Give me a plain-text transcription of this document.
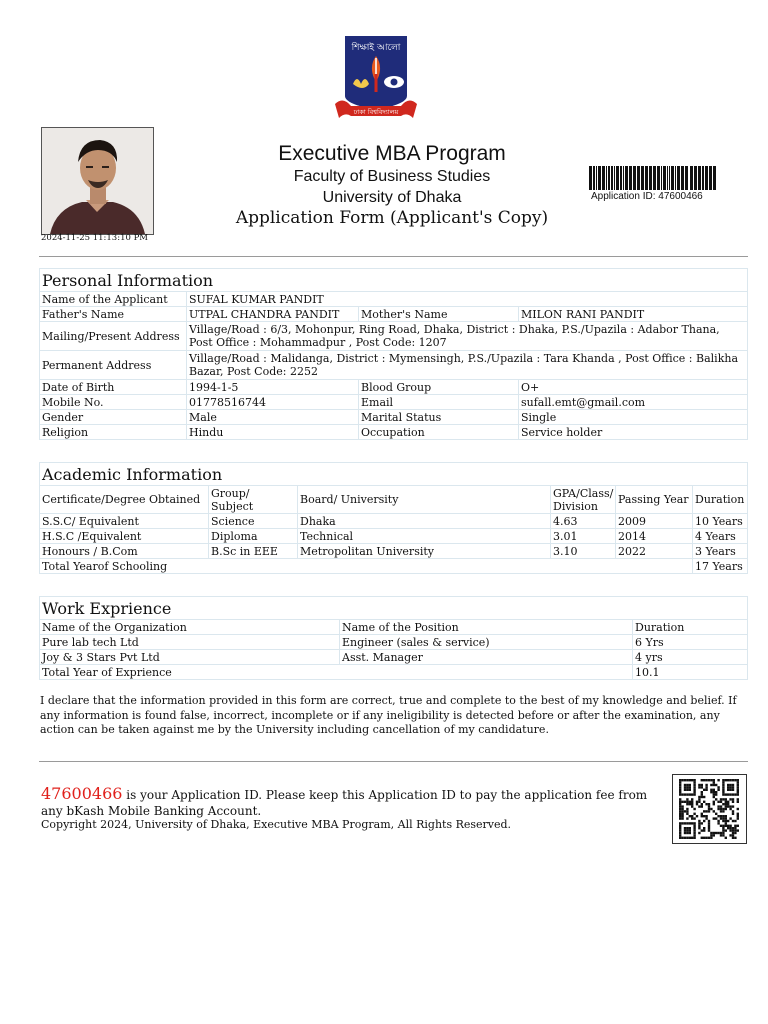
শিক্ষাই আলো
ঢাকা বিশ্ববিদ্যালয়
2024-11-25 11:13:10 PM
Executive MBA Program
Faculty of Business Studies
University of Dhaka
Application Form (Applicant's Copy)
Application ID: 47600466
Personal Information			
Name of the Applicant	SUFAL KUMAR PANDIT		
Father's Name	UTPAL CHANDRA PANDIT	Mother's Name	MILON RANI PANDIT
Mailing/Present Address	Village/Road : 6/3, Mohonpur, Ring Road, Dhaka, District : Dhaka, P.S./Upazila : Adabor Thana, Post Office : Mohammadpur , Post Code: 1207		
Permanent Address	Village/Road : Malidanga, District : Mymensingh, P.S./Upazila : Tara Khanda , Post Office : Balikha Bazar, Post Code: 2252		
Date of Birth	1994-1-5	Blood Group	O+
Mobile No.	01778516744	Email	sufall.emt@gmail.com
Gender	Male	Marital Status	Single
Religion	Hindu	Occupation	Service holder
Academic Information					
Certificate/Degree Obtained	Group/ Subject	Board/ University	GPA/Class/ Division	Passing Year	Duration
S.S.C/ Equivalent	Science	Dhaka	4.63	2009	10 Years
H.S.C /Equivalent	Diploma	Technical	3.01	2014	4 Years
Honours / B.Com	B.Sc in EEE	Metropolitan University	3.10	2022	3 Years
Total Yearof Schooling					17 Years
Work Exprience		
Name of the Organization	Name of the Position	Duration
Pure lab tech Ltd	Engineer (sales & service)	6 Yrs
Joy & 3 Stars Pvt Ltd	Asst. Manager	4 yrs
Total Year of Exprience		10.1
I declare that the information provided in this form are correct, true and complete to the best of my knowledge and belief. If any information is found false, incorrect, incomplete or if any ineligibility is detected before or after the examination, any action can be taken against me by the University including cancellation of my candidature.
47600466 is your Application ID. Please keep this Application ID to pay the application fee from any bKash Mobile Banking Account.
Copyright 2024, University of Dhaka, Executive MBA Program, All Rights Reserved.
